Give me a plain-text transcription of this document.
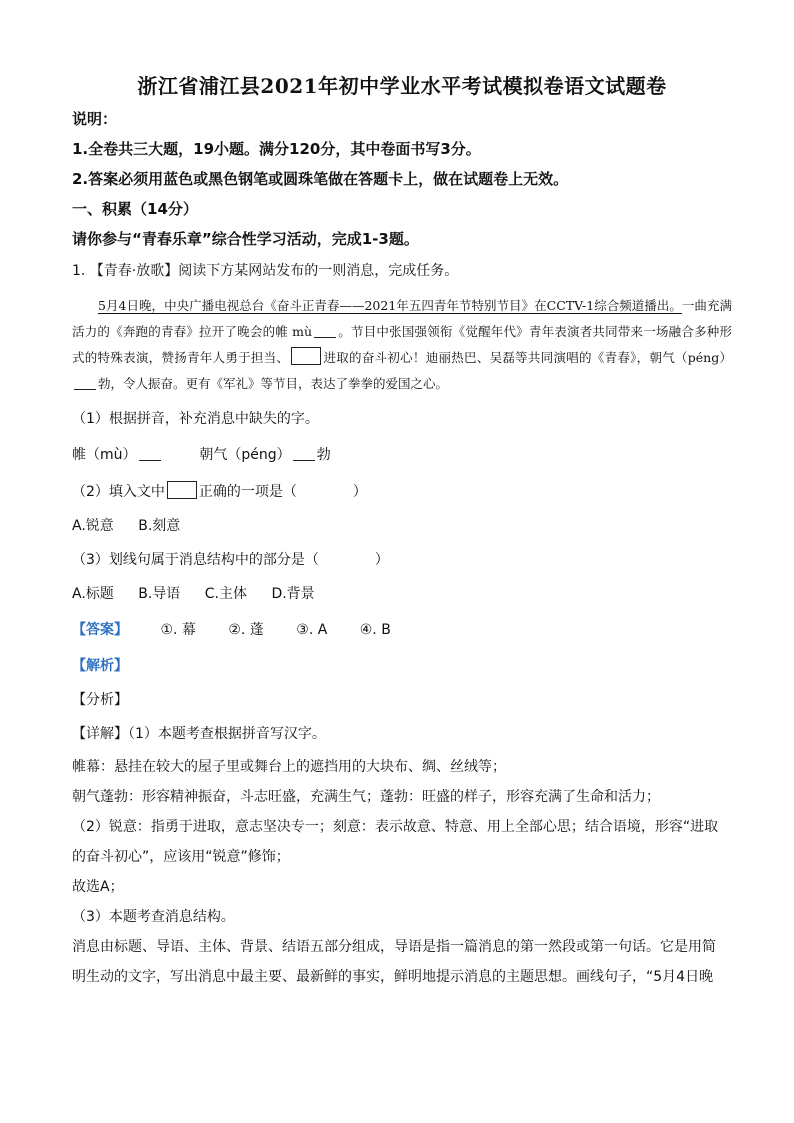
浙江省浦江县2021年初中学业水平考试模拟卷语文试题卷

说明：

1.全卷共三大题，19小题。满分120分，其中卷面书写3分。

2.答案必须用蓝色或黑色钢笔或圆珠笔做在答题卡上，做在试题卷上无效。

一、积累（14分）

请你参与“青春乐章”综合性学习活动，完成1-3题。

1. 【青春·放歌】阅读下方某网站发布的一则消息，完成任务。

5月4日晚，中央广播电视总台《奋斗正青春——2021年五四青年节特别节目》在CCTV-1综合频道播出。一曲充满活力的《奔跑的青春》拉开了晚会的帷 mù 。节目中张国强领衔《觉醒年代》青年表演者共同带来一场融合多种形式的特殊表演，赞扬青年人勇于担当、	进取的奋斗初心！迪丽热巴、吴磊等共同演唱的《青春》，朝气（péng）勃，令人振奋。更有《军礼》等节目，表达了拳拳的爱国之心。

（1）根据拼音，补充消息中缺失的字。

帷（mù）	朝气（péng） 勃

（2）填入文中 正确的一项是（　　　　）

A.锐意 B.刻意

（3）划线句属于消息结构中的部分是（　　　　）

A.标题 B.导语 C.主体 D.背景

【答案】 ①. 幕 ②. 蓬 ③. A ④. B

【解析】

【分析】

【详解】（1）本题考查根据拼音写汉字。

帷幕：悬挂在较大的屋子里或舞台上的遮挡用的大块布、绸、丝绒等；

朝气蓬勃：形容精神振奋，斗志旺盛，充满生气；蓬勃：旺盛的样子，形容充满了生命和活力；

（2）锐意：指勇于进取，意志坚决专一；刻意：表示故意、特意、用上全部心思；结合语境，形容“进取

的奋斗初心”，应该用“锐意”修饰；

故选A；

（3）本题考查消息结构。

消息由标题、导语、主体、背景、结语五部分组成，导语是指一篇消息的第一然段或第一句话。它是用简

明生动的文字，写出消息中最主要、最新鲜的事实，鲜明地提示消息的主题思想。画线句子，“5月4日晚
